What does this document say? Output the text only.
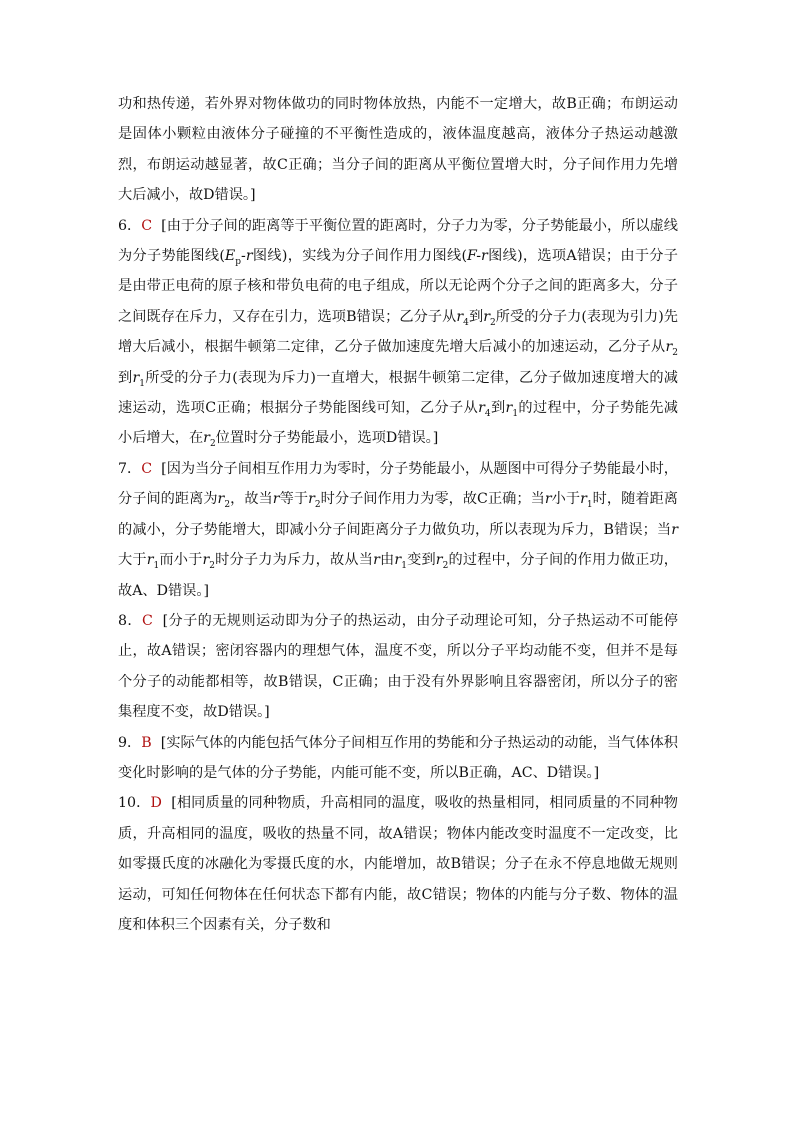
功和热传递，若外界对物体做功的同时物体放热，内能不一定增大，故B正确；布朗运动是固体小颗粒由液体分子碰撞的不平衡性造成的，液体温度越高，液体分子热运动越激烈，布朗运动越显著，故C正确；当分子间的距离从平衡位置增大时，分子间作用力先增大后减小，故D错误。]

6．C [由于分子间的距离等于平衡位置的距离时，分子力为零，分子势能最小，所以虚线为分子势能图线($E_p-r$图线)，实线为分子间作用力图线(F-r图线)，选项A错误；由于分子是由带正电荷的原子核和带负电荷的电子组成，所以无论两个分子之间的距离多大，分子之间既存在斥力，又存在引力，选项B错误；乙分子从$r_4$到$r_2$所受的分子力(表现为引力)先增大后减小，根据牛顿第二定律，乙分子做加速度先增大后减小的加速运动，乙分子从$r_2$到$r_1$所受的分子力(表现为斥力)一直增大，根据牛顿第二定律，乙分子做加速度增大的减速运动，选项C正确；根据分子势能图线可知，乙分子从$r_4$到$r_1$的过程中，分子势能先减小后增大，在$r_2$位置时分子势能最小，选项D错误。]

7．C [因为当分子间相互作用力为零时，分子势能最小，从题图中可得分子势能最小时，分子间的距离为$r_2$，故当r等于$r_2$时分子间作用力为零，故C正确；当r小于$r_1$时，随着距离的减小，分子势能增大，即减小分子间距离分子力做负功，所以表现为斥力，B错误；当r大于$r_1$而小于$r_2$时分子力为斥力，故从当r由$r_1$变到$r_2$的过程中，分子间的作用力做正功，故A、D错误。]

8．C [分子的无规则运动即为分子的热运动，由分子动理论可知，分子热运动不可能停止，故A错误；密闭容器内的理想气体，温度不变，所以分子平均动能不变，但并不是每个分子的动能都相等，故B错误，C正确；由于没有外界影响且容器密闭，所以分子的密集程度不变，故D错误。]

9．B [实际气体的内能包括气体分子间相互作用的势能和分子热运动的动能，当气体体积变化时影响的是气体的分子势能，内能可能不变，所以B正确，AC、D错误。]

10．D [相同质量的同种物质，升高相同的温度，吸收的热量相同，相同质量的不同种物质，升高相同的温度，吸收的热量不同，故A错误；物体内能改变时温度不一定改变，比如零摄氏度的冰融化为零摄氏度的水，内能增加，故B错误；分子在永不停息地做无规则运动，可知任何物体在任何状态下都有内能，故C错误；物体的内能与分子数、物体的温度和体积三个因素有关，分子数和
